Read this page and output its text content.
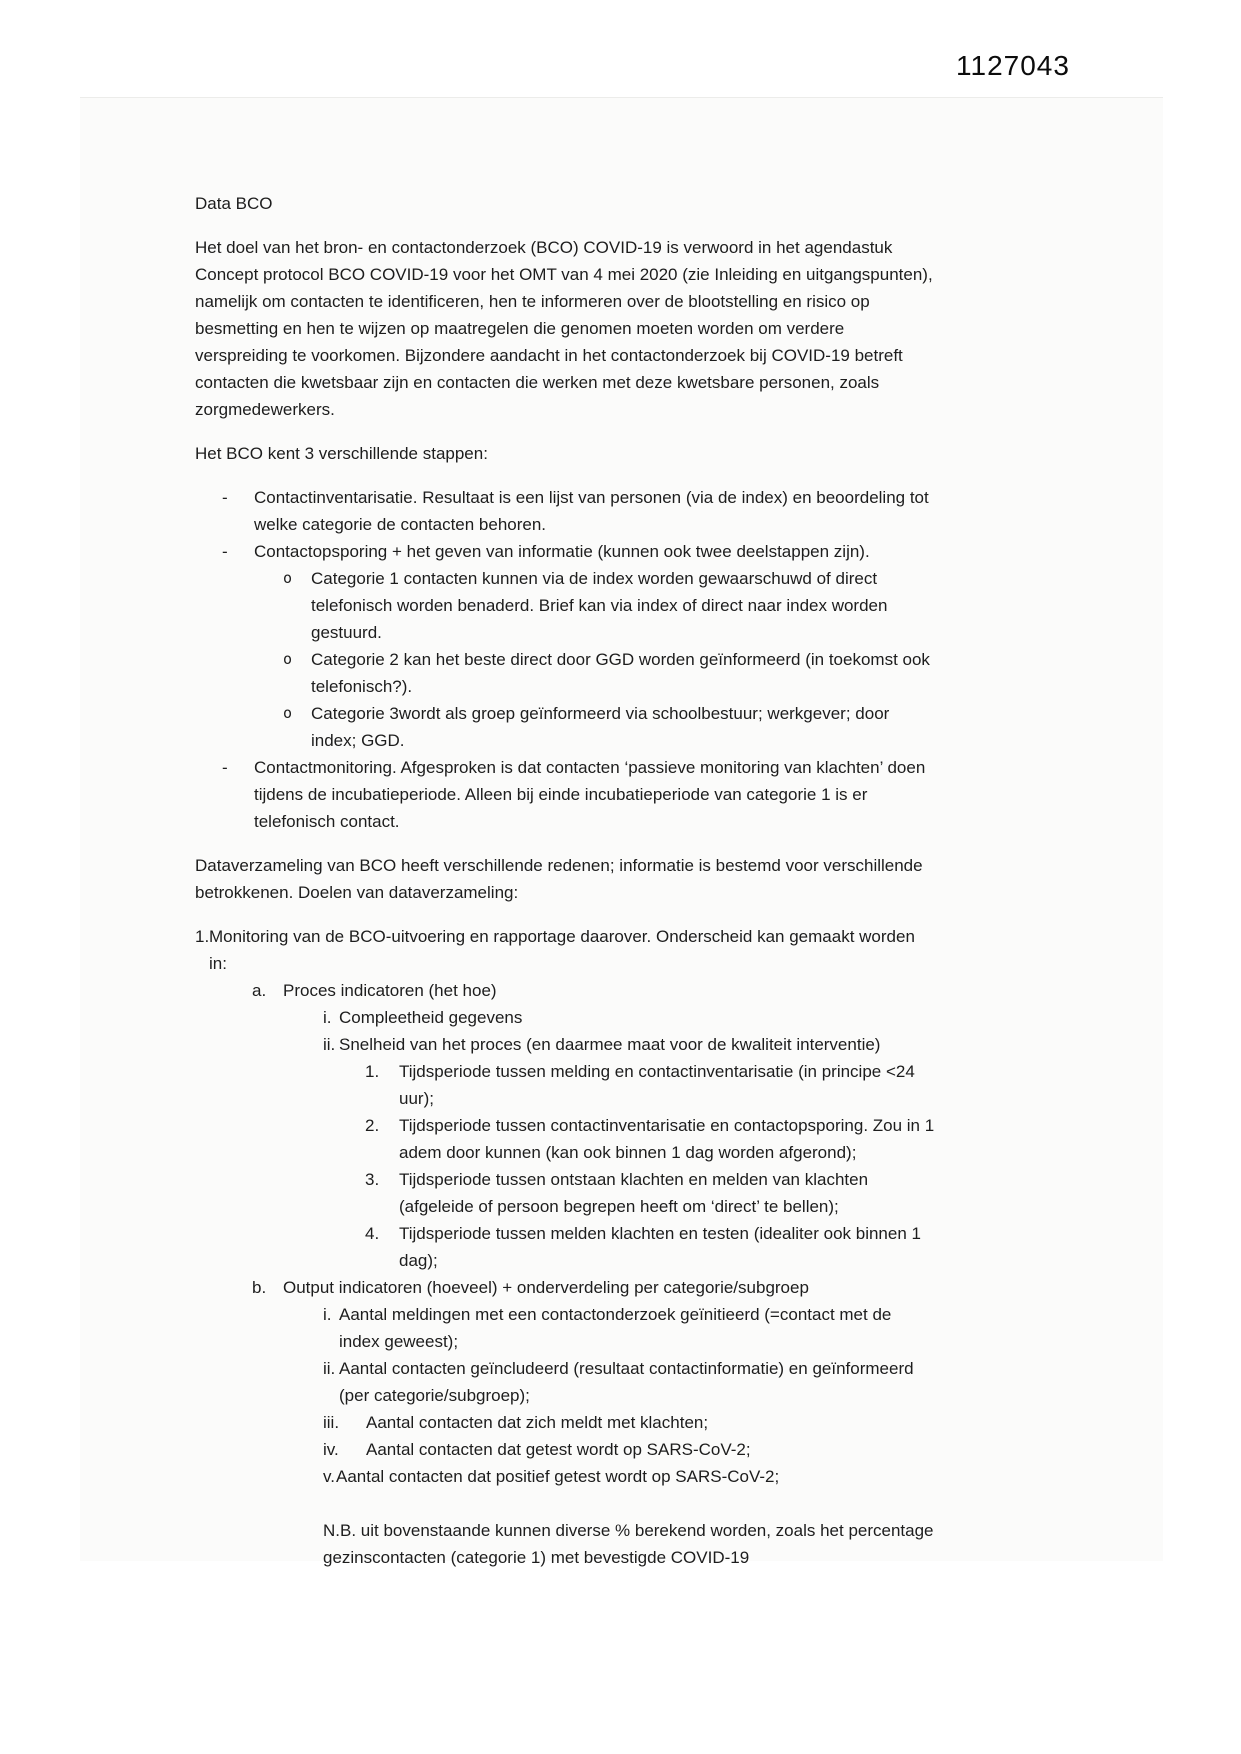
1127043

Data BCO

Het doel van het bron- en contactonderzoek (BCO) COVID-19 is verwoord in het agendastuk Concept protocol BCO COVID-19 voor het OMT van 4 mei 2020 (zie Inleiding en uitgangspunten), namelijk om contacten te identificeren, hen te informeren over de blootstelling en risico op besmetting en hen te wijzen op maatregelen die genomen moeten worden om verdere verspreiding te voorkomen. Bijzondere aandacht in het contactonderzoek bij COVID-19 betreft contacten die kwetsbaar zijn en contacten die werken met deze kwetsbare personen, zoals zorgmedewerkers.

Het BCO kent 3 verschillende stappen:

-	Contactinventarisatie. Resultaat is een lijst van personen (via de index) en beoordeling tot welke categorie de contacten behoren.
-	Contactopsporing + het geven van informatie (kunnen ook twee deelstappen zijn).
o	Categorie 1 contacten kunnen via de index worden gewaarschuwd of direct telefonisch worden benaderd. Brief kan via index of direct naar index worden gestuurd.
o	Categorie 2 kan het beste direct door GGD worden geïnformeerd (in toekomst ook telefonisch?).
o	Categorie 3wordt als groep geïnformeerd via schoolbestuur; werkgever; door index; GGD.
-	Contactmonitoring. Afgesproken is dat contacten ‘passieve monitoring van klachten’ doen tijdens de incubatieperiode. Alleen bij einde incubatieperiode van categorie 1 is er telefonisch contact.

Dataverzameling van BCO heeft verschillende redenen; informatie is bestemd voor verschillende betrokkenen. Doelen van dataverzameling:

1. Monitoring van de BCO-uitvoering en rapportage daarover. Onderscheid kan gemaakt worden in:
a. Proces indicatoren (het hoe)
i. Compleetheid gegevens
ii. Snelheid van het proces (en daarmee maat voor de kwaliteit interventie)
1.	Tijdsperiode tussen melding en contactinventarisatie (in principe <24 uur);
2.	Tijdsperiode tussen contactinventarisatie en contactopsporing. Zou in 1 adem door kunnen (kan ook binnen 1 dag worden afgerond);
3.	Tijdsperiode tussen ontstaan klachten en melden van klachten (afgeleide of persoon begrepen heeft om ‘direct’ te bellen);
4.	Tijdsperiode tussen melden klachten en testen (idealiter ook binnen 1 dag);
b. Output indicatoren (hoeveel) + onderverdeling per categorie/subgroep
i. Aantal meldingen met een contactonderzoek geïnitieerd (=contact met de index geweest);
ii. Aantal contacten geïncludeerd (resultaat contactinformatie) en geïnformeerd (per categorie/subgroep);
iii.	Aantal contacten dat zich meldt met klachten;
iv.	Aantal contacten dat getest wordt op SARS-CoV-2;
v. Aantal contacten dat positief getest wordt op SARS-CoV-2;

N.B. uit bovenstaande kunnen diverse % berekend worden, zoals het percentage gezinscontacten (categorie 1) met bevestigde COVID-19
